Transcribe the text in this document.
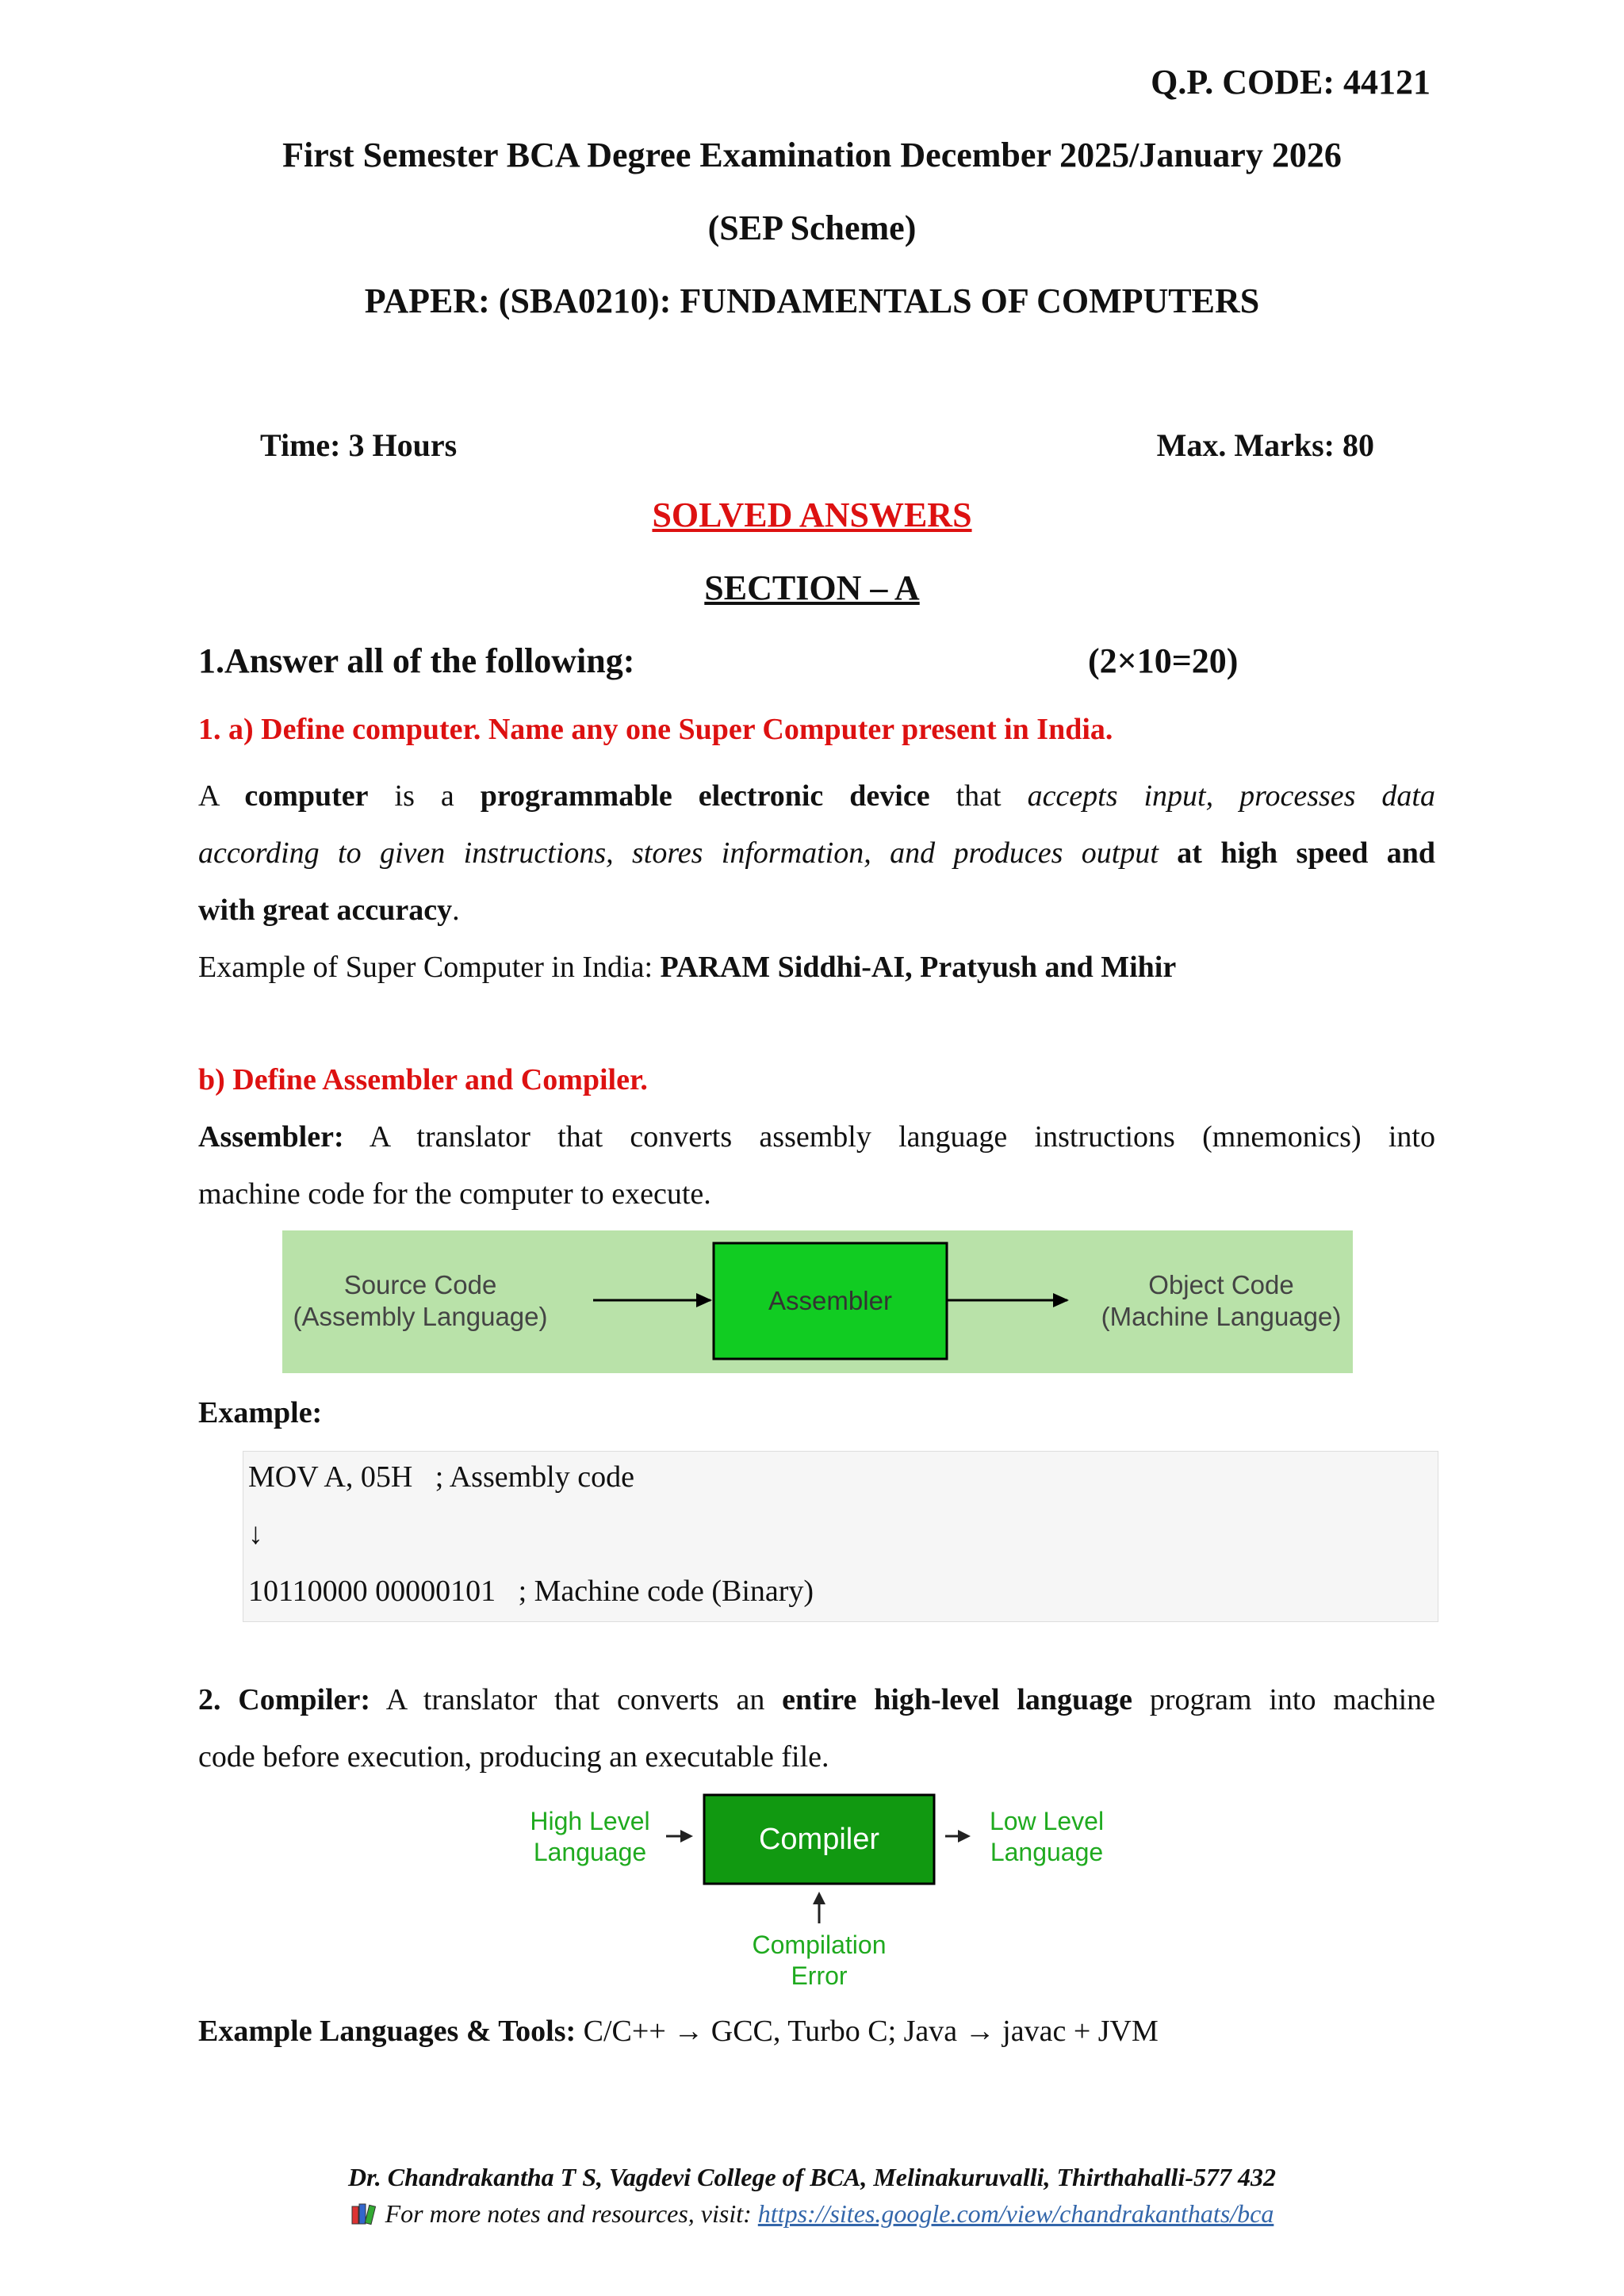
Q.P. CODE: 44121
First Semester BCA Degree Examination December 2025/January 2026
(SEP Scheme)
PAPER: (SBA0210): FUNDAMENTALS OF COMPUTERS
Time: 3 Hours	Max. Marks: 80
SOLVED ANSWERS
SECTION – A
1.Answer all of the following:	(2×10=20)
1. a) Define computer. Name any one Super Computer present in India.
A computer is a programmable electronic device that accepts input, processes data
according to given instructions, stores information, and produces output at high speed and
with great accuracy.
Example of Super Computer in India: PARAM Siddhi-AI, Pratyush and Mihir
b) Define Assembler and Compiler.
Assembler: A translator that converts assembly language instructions (mnemonics) into
machine code for the computer to execute.
Source Code
(Assembly Language)
Assembler
Object Code
(Machine Language)
Example:
MOV A, 05H   ; Assembly code
↓
10110000 00000101   ; Machine code (Binary)
2. Compiler: A translator that converts an entire high-level language program into machine
code before execution, producing an executable file.
High Level
Language	Compiler
Low Level
Language
Compilation
Error
Example Languages & Tools: C/C++ → GCC, Turbo C; Java → javac + JVM
Dr. Chandrakantha T S, Vagdevi College of BCA, Melinakuruvalli, Thirthahalli-577 432
For more notes and resources, visit: https://sites.google.com/view/chandrakanthats/bca
